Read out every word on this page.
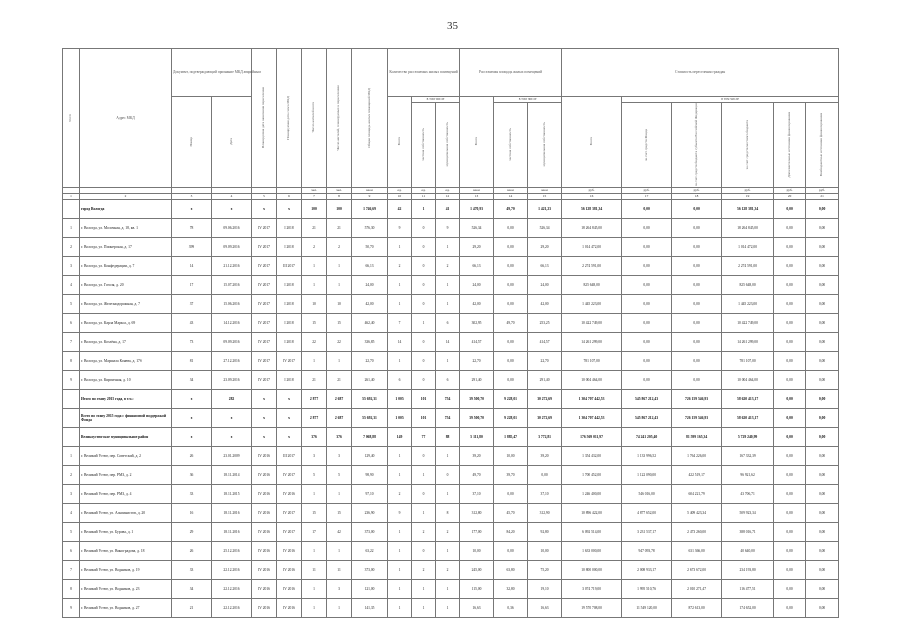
35
N п/п	Адрес МКД	Документ, подтверждающий признание МКД аварийным		Планируемая дата окончания переселения	Планируемая дата сноса МКД	Число жителей всего	Число жителей, планируемых к переселению	Общая площадь жилых помещений МКД	Количество расселяемых жилых помещений			Расселяемая площадь жилых помещений			Стоимость переселения граждан					
		Номер	Дата						Всего	в том числе		Всего	в том числе		Всего	в том числе				
										частная собственность	муниципальная собственность		частная собственность	муниципальная собственность		за счет средств Фонда	за счет средств бюджета субъекта Российской Федерации	за счет средств местного бюджета	Дополнительные источники финансирования	Внебюджетные источники финансирования
						чел.	чел.	кв.м	ед.	ед.	ед.	кв.м	кв.м	кв.м	руб.	руб.	руб.	руб.	руб.	руб.
1	2	3	4	5	6	7	8	9	10	11	12	13	14	15	16	17	18	19	20	21
	город Вологда	x	x	x	x	100	100	1 746,69	42	1	41	1 470,93	49,70	1 421,23	56 128 381,34	0,00	0,00	56 128 381,34	0,00	0,00
1	г. Вологда, ул. Молочная, д. 18, кв. 1	78	09.06.2016	IV 2017	I 2018	21	21	576,30	9	0	9	526,34	0,00	526,34	18 264 845,00	0,00	0,00	18 264 845,00	0,00	0,00
2	г. Вологда, ул. Пионерская, д. 17	399	09.09.2016	IV 2017	I 2018	2	2	50,70	1	0	1	29,20	0,00	29,20	1 014 472,00	0,00	0,00	1 014 472,00	0,00	0,00
3	г. Вологда, ул. Конфедерации, д. 7	14	21.12.2016	IV 2017	III 2017	1	1	66,13	2	0	2	66,13	0,00	66,13	2 274 591,00	0,00	0,00	2 274 591,00	0,00	0,00
4	г. Вологда, ул. Гоголя, д. 20	17	15.07.2016	IV 2017	I 2018	1	1	24,00	1	0	1	24,00	0,00	24,00	825 648,00	0,00	0,00	825 648,00	0,00	0,00
5	г. Вологда, ул. Железнодорожная, д. 7	37	15.06.2016	IV 2017	I 2018	10	10	42,00	1	0	1	42,00	0,00	42,00	1 445 223,00	0,00	0,00	1 445 223,00	0,00	0,00
6	г. Вологда, ул. Карла Маркса, д. 69	43	14.12.2016	IV 2017	I 2018	15	15	462,40	7	1	6	302,95	49,70	253,25	10 422 749,00	0,00	0,00	10 422 749,00	0,00	0,00
7	г. Вологда, ул. Козлёна, д. 17	73	09.09.2016	IV 2017	I 2018	22	22	336,85	14	0	14	414,57	0,00	414,57	14 261 299,00	0,00	0,00	14 261 299,00	0,00	0,00
8	г. Вологда, ул. Маршала Конева, д. 17б	81	27.12.2016	IV 2017	IV 2017	1	1	22,70	1	0	1	22,70	0,00	22,70	781 107,00	0,00	0,00	781 107,00	0,00	0,00
9	г. Вологда, ул. Кирпичная, д. 10	34	23.09.2016	IV 2017	I 2018	21	21	261,40	6	0	6	291,40	0,00	291,40	10 004 464,00	0,00	0,00	10 004 464,00	0,00	0,00
	Итого по этапу 2015 года, в т.ч.:	x	282	x	x	2 877	2 687	55 692,31	1 005	101	754	39 500,70	9 228,01	30 272,69	1 304 707 442,53	545 867 212,43	726 159 546,93	58 620 413,17	0,00	0,00
	Всего по этапу 2015 года с финансовой поддержкой Фонда	x	x	x	x	2 877	2 687	55 692,31	1 005	101	754	39 500,70	9 228,01	30 272,69	1 304 707 442,53	545 867 212,43	726 159 546,93	58 620 413,17	0,00	0,00
	Великоустюгское муниципальное район	x	x	x	x	376	376	7 068,88	149	77	88	5 111,80	1 885,47	3 772,81	176 569 011,97	74 241 205,40	81 599 165,34	5 729 240,99	0,00	0,00
1	г. Великий Устюг, пер. Советский, д. 2	26	23.01.2009	IV 2016	III 2017	3	3	129,40	1	0	1	39,20	10,00	39,20	1 354 432,00	1 133 996,52	1 764 226,00	167 332,39	0,00	0,00
2	г. Великий Устюг, пер. РМЗ, д. 2	36	18.11.2014	IV 2016	IV 2017	5	5	98,90	1	1	0	49,70	39,70	0,00	1 700 452,00	1 122 090,00	422 519,17	96 921,62	0,00	0,00
3	г. Великий Устюг, пер. РМЗ, д. 4	33	18.11.2015	IV 2016	IV 2016	1	1	97,10	2	0	1	37,10	0,00	37,10	1 246 400,00	546 016,00	604 221,79	43 706,71	0,00	0,00
4	г. Великий Устюг, ул. Альпинистов, д. 20	16	18.11.2016	IV 2016	IV 2017	15	15	236,90	9	1	8	312,80	45,70	312,90	10 896 422,00	4 877 652,00	5 409 423,34	509 923,34	0,00	0,00
5	г. Великий Устюг, ул. Бурова, д. 1	29	18.11.2016	IV 2016	IV 2017	17	42	373,00	1	2	2	177,00	84,20	92,80	6 092 514,00	3 231 537,17	2 473 260,00	388 016,71	0,00	0,00
6	г. Великий Устюг, ул. Виноградова, д. 18	26	25.12.2016	IV 2016	IV 2016	1	1	63,22	1	0	1	10,00	0,00	10,00	1 633 000,00	947 093,78	631 366,00	40 640,00	0,00	0,00
7	г. Великий Устюг, ул. Водников, д. 19	33	22.12.2016	IV 2016	IV 2016	11	11	373,00	1	2	2	245,00	63,80	75,20	10 800 000,00	2 008 933,17	2 673 672,00	234 193,80	0,00	0,00
8	г. Великий Устюг, ул. Водников, д. 23	34	22.12.2016	IV 2016	IV 2016	1	3	121,00	1	1	1	115,00	32,80	19,10	3 074 719,00	1 995 510,76	2 010 271,47	116 477,51	0,00	0,00
9	г. Великий Устюг, ул. Водников, д. 27	21	22.12.2016	IV 2016	IV 2016	1	1	141,35	1	1	1	16,63	0,36	16,63	19 570 708,00	11 549 120,00	872 613,00	174 652,00	0,00	0,00
